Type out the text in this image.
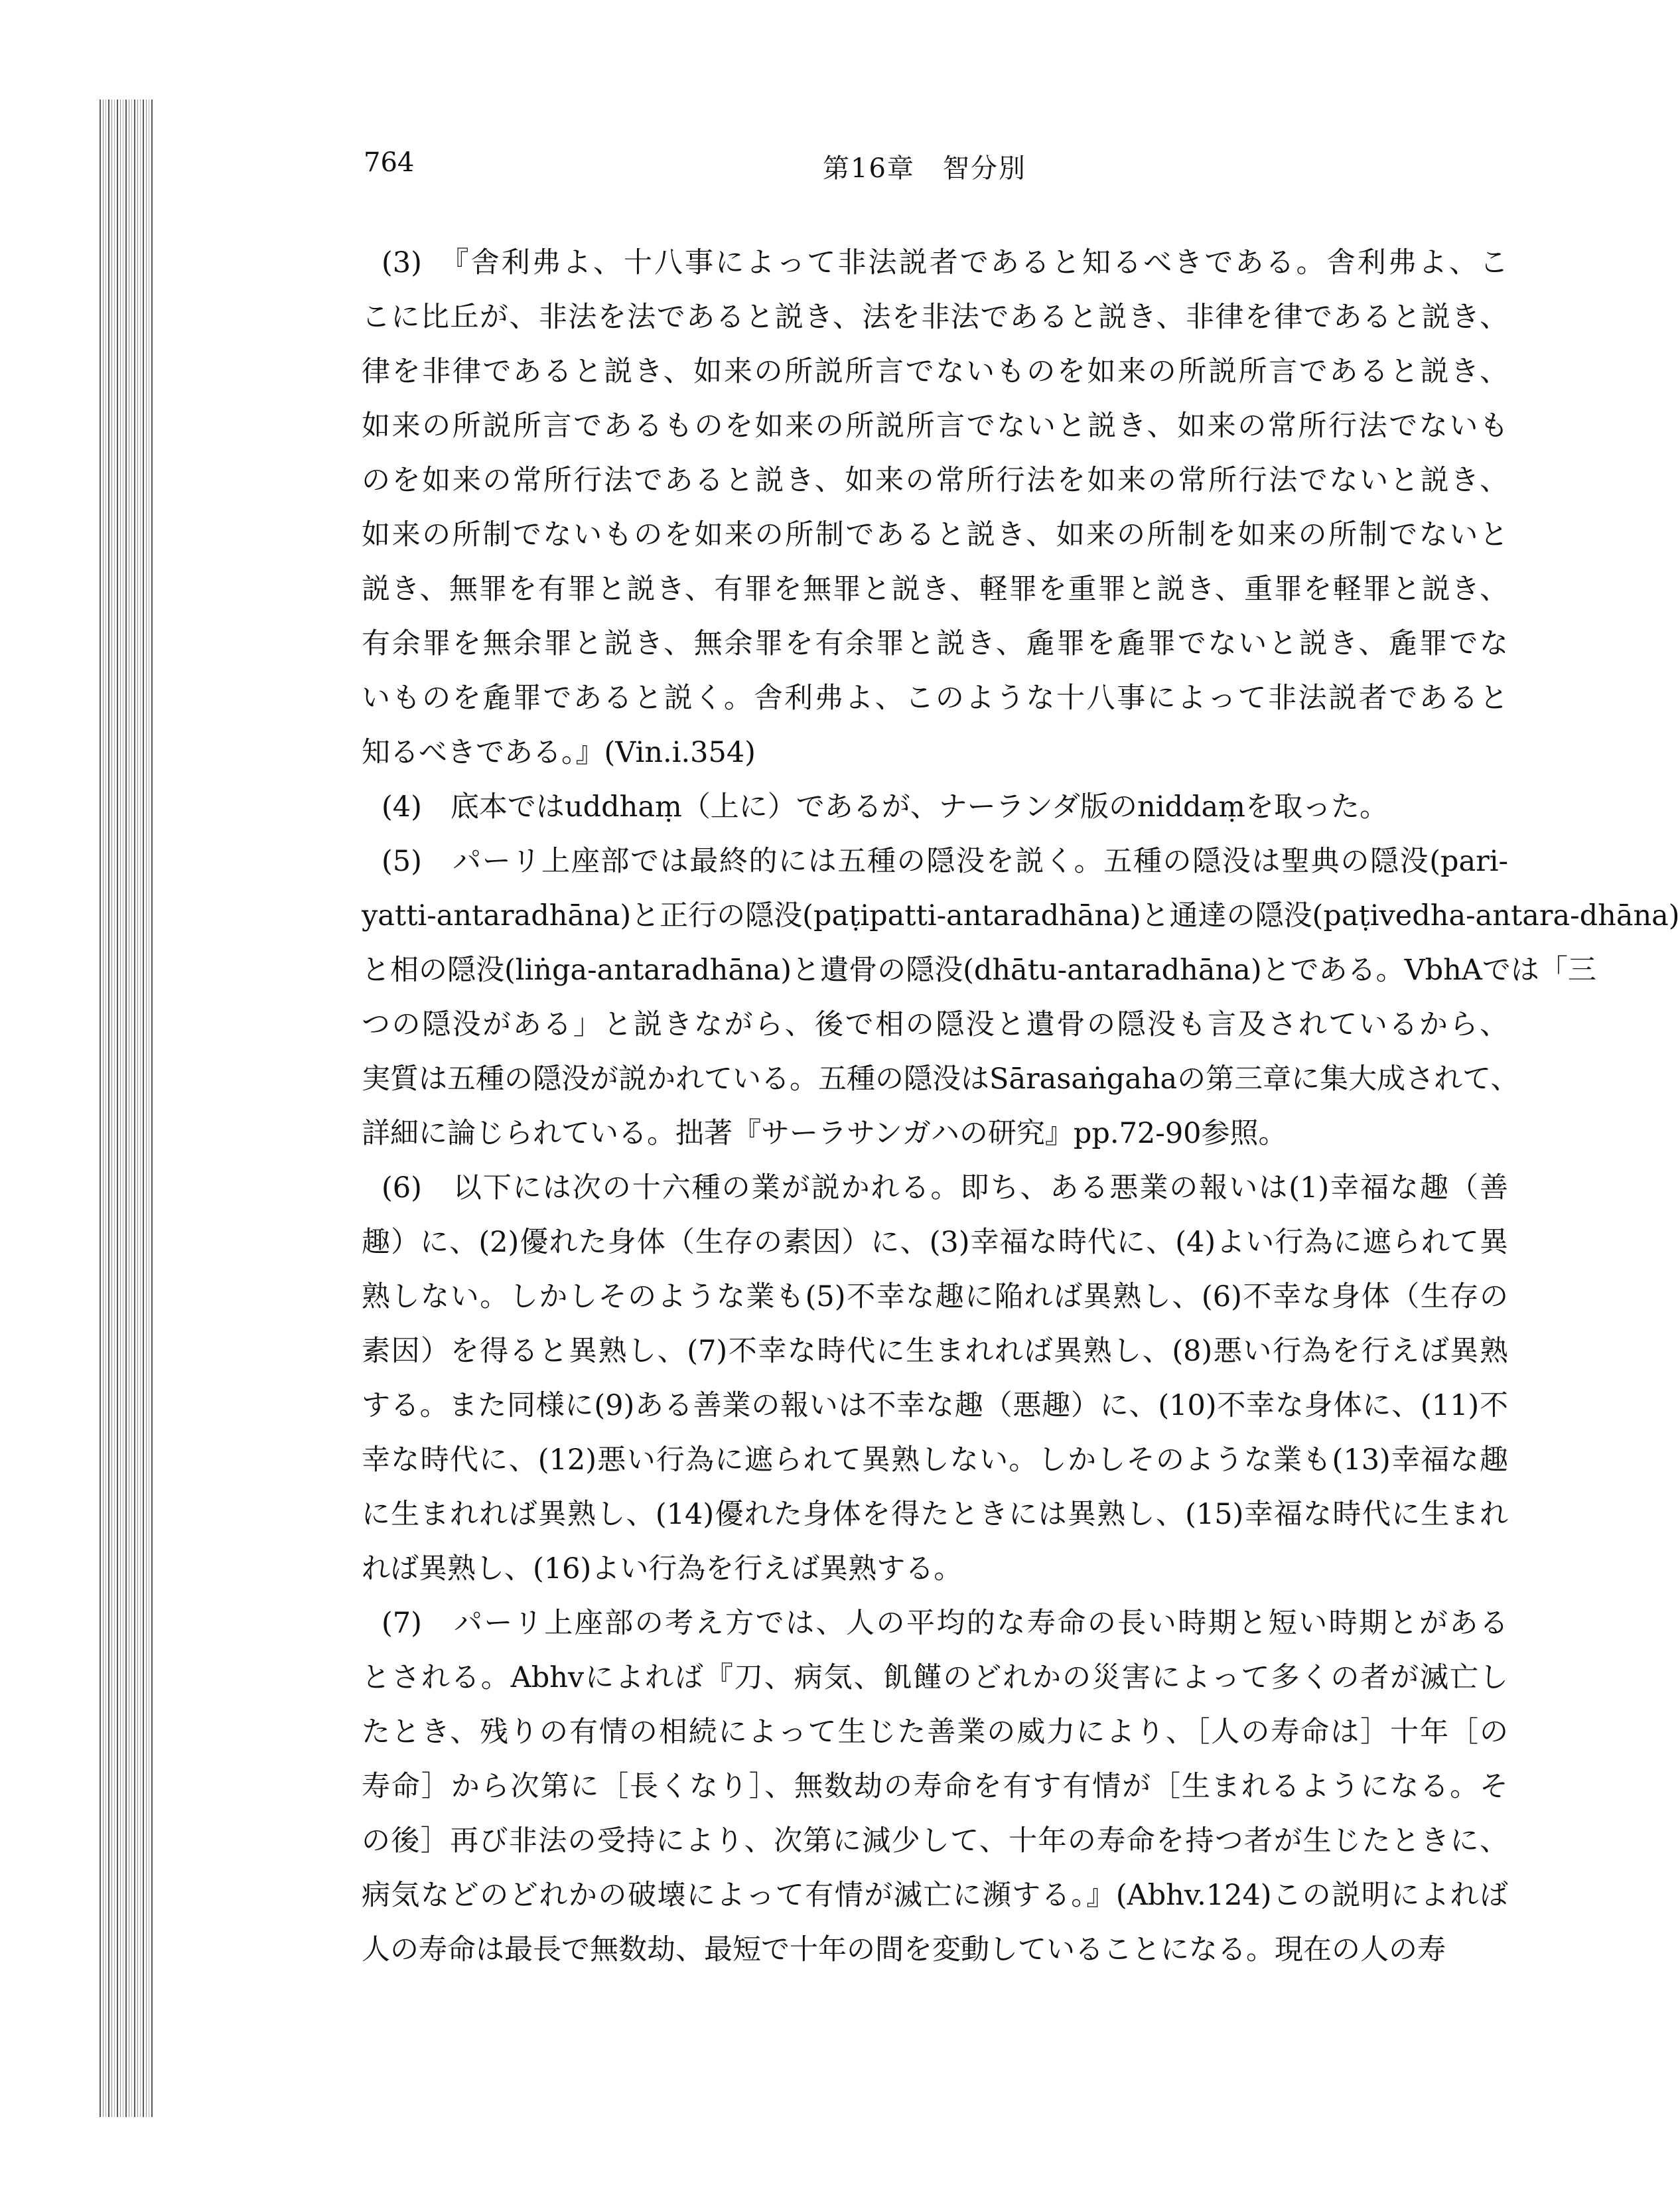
764	第16章　智分別
(3)　『舎利弗よ、十八事によって非法説者であると知るべきである。舎利弗よ、こ
こに比丘が、非法を法であると説き、法を非法であると説き、非律を律であると説き、
律を非律であると説き、如来の所説所言でないものを如来の所説所言であると説き、
如来の所説所言であるものを如来の所説所言でないと説き、如来の常所行法でないも
のを如来の常所行法であると説き、如来の常所行法を如来の常所行法でないと説き、
如来の所制でないものを如来の所制であると説き、如来の所制を如来の所制でないと
説き、無罪を有罪と説き、有罪を無罪と説き、軽罪を重罪と説き、重罪を軽罪と説き、
有余罪を無余罪と説き、無余罪を有余罪と説き、麁罪を麁罪でないと説き、麁罪でな
いものを麁罪であると説く。舎利弗よ、このような十八事によって非法説者であると
知るべきである。』(Vin.i.354)
(4)　底本ではuddhaṃ（上に）であるが、ナーランダ版のniddaṃを取った。
(5)　パーリ上座部では最終的には五種の隠没を説く。五種の隠没は聖典の隠没(pari-
yatti-antaradhāna)と正行の隠没(paṭipatti-antaradhāna)と通達の隠没(paṭivedha-antara-dhāna)
と相の隠没(liṅga-antaradhāna)と遺骨の隠没(dhātu-antaradhāna)とである。VbhAでは「三
つの隠没がある」と説きながら、後で相の隠没と遺骨の隠没も言及されているから、
実質は五種の隠没が説かれている。五種の隠没はSārasaṅgahaの第三章に集大成されて、
詳細に論じられている。拙著『サーラサンガハの研究』pp.72-90参照。
(6)　以下には次の十六種の業が説かれる。即ち、ある悪業の報いは(1)幸福な趣（善
趣）に、(2)優れた身体（生存の素因）に、(3)幸福な時代に、(4)よい行為に遮られて異
熟しない。しかしそのような業も(5)不幸な趣に陥れば異熟し、(6)不幸な身体（生存の
素因）を得ると異熟し、(7)不幸な時代に生まれれば異熟し、(8)悪い行為を行えば異熟
する。また同様に(9)ある善業の報いは不幸な趣（悪趣）に、(10)不幸な身体に、(11)不
幸な時代に、(12)悪い行為に遮られて異熟しない。しかしそのような業も(13)幸福な趣
に生まれれば異熟し、(14)優れた身体を得たときには異熟し、(15)幸福な時代に生まれ
れば異熟し、(16)よい行為を行えば異熟する。
(7)　パーリ上座部の考え方では、人の平均的な寿命の長い時期と短い時期とがある
とされる。Abhvによれば『刀、病気、飢饉のどれかの災害によって多くの者が滅亡し
たとき、残りの有情の相続によって生じた善業の威力により、［人の寿命は］十年［の
寿命］から次第に［長くなり］、無数劫の寿命を有す有情が［生まれるようになる。そ
の後］再び非法の受持により、次第に減少して、十年の寿命を持つ者が生じたときに、
病気などのどれかの破壊によって有情が滅亡に瀕する。』(Abhv.124)この説明によれば
人の寿命は最長で無数劫、最短で十年の間を変動していることになる。現在の人の寿
